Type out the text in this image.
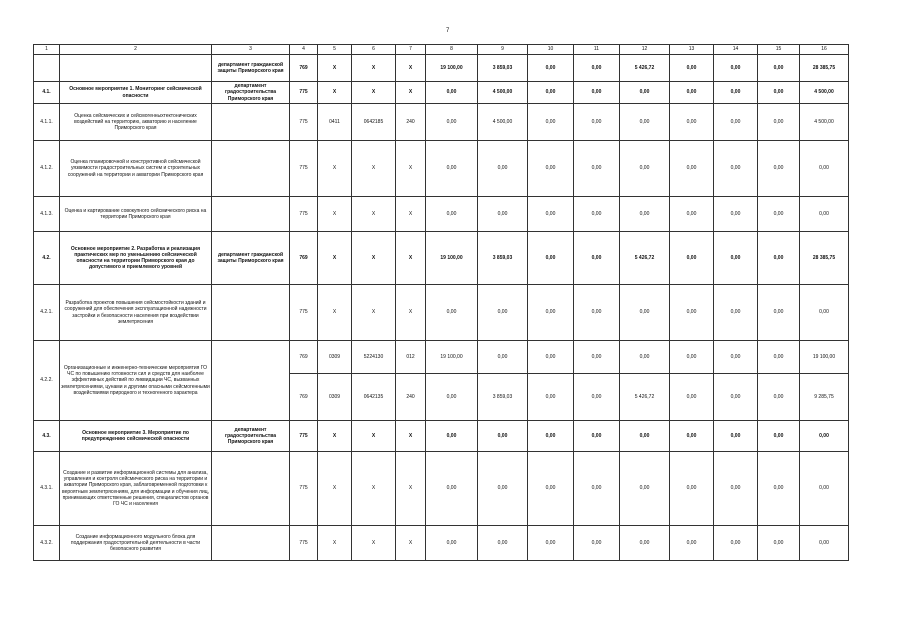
7
1	2	3	4	5	6	7	8	9	10	11	12	13	14	15	16
		департамент гражданской защиты Приморского края	769	X	X	X	19 100,00	3 859,03	0,00	0,00	5 426,72	0,00	0,00	0,00	28 385,75
4.1.	Основное мероприятие 1. Мониторинг сейсмической опасности	департамент градостроительства Приморского края	775	X	X	X	0,00	4 500,00	0,00	0,00	0,00	0,00	0,00	0,00	4 500,00
4.1.1.	Оценка сейсмических и сейсмогенныхтектонических воздействий на территорию, акваторию и население Приморского края		775	0411	0642185	240	0,00	4 500,00	0,00	0,00	0,00	0,00	0,00	0,00	4 500,00
4.1.2.	Оценка планировочной и конструктивной сейсмической уязвимости градостроительных систем и строительных сооружений на территории и акватории Приморского края		775	X	X	X	0,00	0,00	0,00	0,00	0,00	0,00	0,00	0,00	0,00
4.1.3.	Оценка и картирование совокупного сейсмического риска на территории Приморского края		775	X	X	X	0,00	0,00	0,00	0,00	0,00	0,00	0,00	0,00	0,00
4.2.	Основное мероприятие 2. Разработка и реализация практических мер по уменьшению сейсмической опасности на территории Приморского края до допустимого и приемлемого уровней	департамент гражданской защиты Приморского края	769	X	X	X	19 100,00	3 859,03	0,00	0,00	5 426,72	0,00	0,00	0,00	28 385,75
4.2.1.	Разработка проектов повышения сейсмостойкости зданий и сооружений для обеспечения эксплуатационной надежности застройки и безопасности населения при воздействии землетрясения		775	X	X	X	0,00	0,00	0,00	0,00	0,00	0,00	0,00	0,00	0,00
4.2.2.	Организационные и инженерно-технические мероприятия ГО ЧС по повышению готовности сил и средств для наиболее эффективных действий по ликвидации ЧС, вызванных землетрясениями, цунами и другими опасными сейсмогенными воздействиями природного и техногенного характера		769	0309	5224130	012	19 100,00	0,00	0,00	0,00	0,00	0,00	0,00	0,00	19 100,00
			769	0309	0642135	240	0,00	3 859,03	0,00	0,00	5 426,72	0,00	0,00	0,00	9 285,75
4.3.	Основное мероприятие 3. Мероприятие по предупреждению сейсмической опасности	департамент градостроительства Приморского края	775	X	X	X	0,00	0,00	0,00	0,00	0,00	0,00	0,00	0,00	0,00
4.3.1.	Создание и развитие информационной системы для анализа, управления и контроля сейсмического риска на территории и акватории Приморского края, заблаговременной подготовки к вероятным землетрясениям, для информации и обучения лиц, принимающих ответственные решения, специалистов органов ГО ЧС и населения		775	X	X	X	0,00	0,00	0,00	0,00	0,00	0,00	0,00	0,00	0,00
4.3.2.	Создание информационного модульного блока для поддержания градостроительной деятельности в части безопасного развития		775	X	X	X	0,00	0,00	0,00	0,00	0,00	0,00	0,00	0,00	0,00
